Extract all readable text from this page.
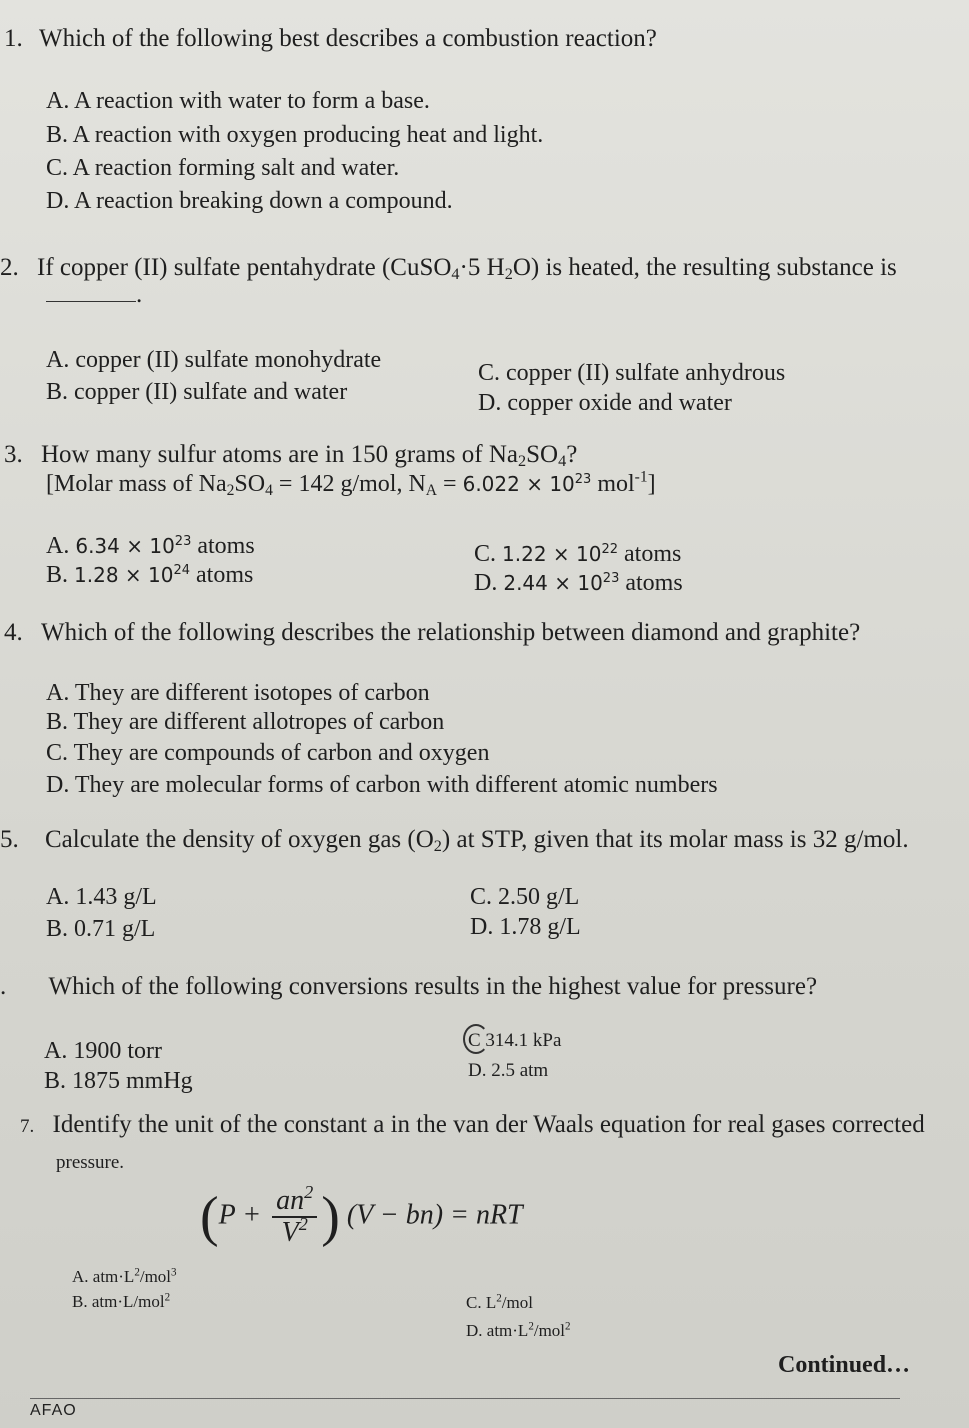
1. Which of the following best describes a combustion reaction?
A. A reaction with water to form a base.
B. A reaction with oxygen producing heat and light.
C. A reaction forming salt and water.
D. A reaction breaking down a compound.
2. If copper (II) sulfate pentahydrate (CuSO$_4$·5 $H_2O$) is heated, the resulting substance is
.
A. copper (II) sulfate monohydrate
B. copper (II) sulfate and water
C. copper (II) sulfate anhydrous
D. copper oxide and water
3. How many sulfur atoms are in 150 grams of $Na_2SO_4$?
[Molar mass of $Na_2SO_4 = 142$ g/mol, $N_A = 6.022 \times 10^{23}$ mol$^{-1}$]
A. $6.34 \times 10^{23}$ atoms
B. $1.28 \times 10^{24}$ atoms
C. $1.22 \times 10^{22}$ atoms
D. $2.44 \times 10^{23}$ atoms
4. Which of the following describes the relationship between diamond and graphite?
A. They are different isotopes of carbon
B. They are different allotropes of carbon
C. They are compounds of carbon and oxygen
D. They are molecular forms of carbon with different atomic numbers
5. Calculate the density of oxygen gas $(O_2)$ at STP, given that its molar mass is 32 g/mol.
A. 1.43 g/L
B. 0.71 g/L
C. 2.50 g/L
D. 1.78 g/L
. Which of the following conversions results in the highest value for pressure?
A. 1900 torr
B. 1875 mmHg
C 314.1 kPa
D. 2.5 atm
7. Identify the unit of the constant a in the van der Waals equation for real gases corrected
pressure.
($P + \frac{an^2}{V^2}$ ) (V − bn) = nRT
A. $atm\cdot L^2/mol^3$
B. atm·L/mol$^2$	C. $L^2$/mol
D. $atm\cdot L^2/mol^2$
Continued…
AFAO
